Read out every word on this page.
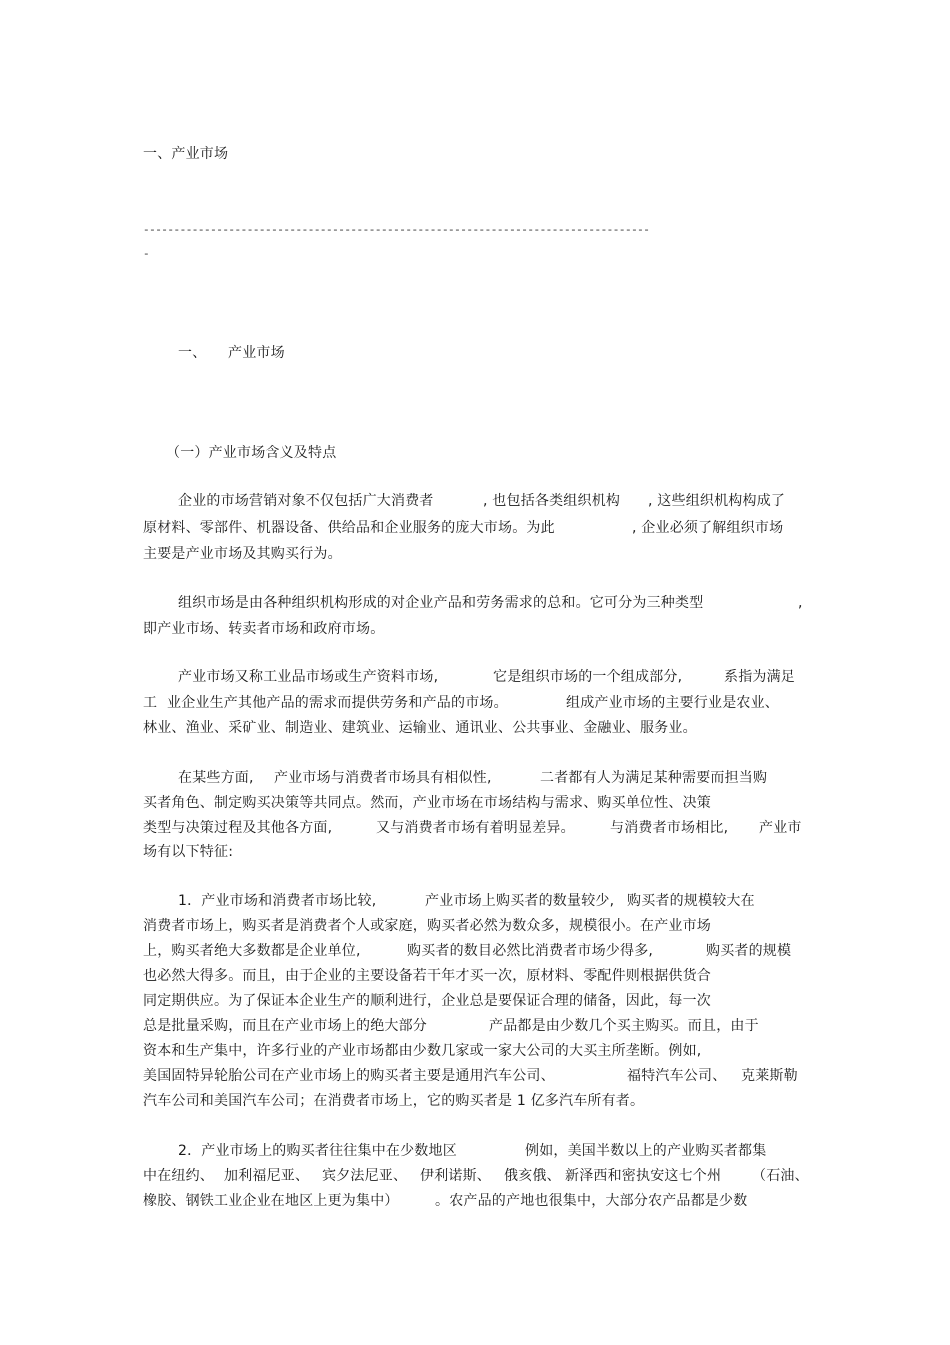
一、产业市场
-----------------------------------------------------------------------------------
-
一、 产业市场
（一）产业市场含义及特点
企业的市场营销对象不仅包括广大消费者	, 也包括各类组织机构 , 这些组织机构构成了
原材料、零部件、机器设备、供给品和企业服务的庞大市场。为此	, 企业必须了解组织市场
主要是产业市场及其购买行为。
组织市场是由各种组织机构形成的对企业产品和劳务需求的总和。它可分为三种类型	,
即产业市场、转卖者市场和政府市场。
产业市场又称工业品市场或生产资料市场,	它是组织市场的一个组成部分,	系指为满足
工 业企业生产其他产品的需求而提供劳务和产品的市场。	组成产业市场的主要行业是农业、
林业、渔业、采矿业、制造业、建筑业、运输业、通讯业、公共事业、金融业、服务业。
在某些方面, 产业市场与消费者市场具有相似性,	二者都有人为满足某种需要而担当购
买者角色、制定购买决策等共同点。然而，产业市场在市场结构与需求、购买单位性、决策
类型与决策过程及其他各方面,	又与消费者市场有着明显差异。	与消费者市场相比, 产业市
场有以下特征:
1．产业市场和消费者市场比较,	产业市场上购买者的数量较少, 购买者的规模较大在
消费者市场上，购买者是消费者个人或家庭，购买者必然为数众多，规模很小。在产业市场
上，购买者绝大多数都是企业单位,	购买者的数目必然比消费者市场少得多,	购买者的规模
也必然大得多。而且，由于企业的主要设备若干年才买一次，原材料、零配件则根据供货合
同定期供应。为了保证本企业生产的顺利进行，企业总是要保证合理的储备，因此，每一次
总是批量采购，而且在产业市场上的绝大部分	产品都是由少数几个买主购买。而且，由于
资本和生产集中，许多行业的产业市场都由少数几家或一家大公司的大买主所垄断。例如,
美国固特异轮胎公司在产业市场上的购买者主要是通用汽车公司、	福特汽车公司、 克莱斯勒
汽车公司和美国汽车公司；在消费者市场上，它的购买者是 1 亿多汽车所有者。
2．产业市场上的购买者往往集中在少数地区	例如，美国半数以上的产业购买者都集
中在纽约、 加利福尼亚、 宾夕法尼亚、 伊利诺斯、 俄亥俄、 新泽西和密执安这七个州 （石油、
橡胶、钢铁工业企业在地区上更为集中）	。农产品的产地也很集中，大部分农产品都是少数
